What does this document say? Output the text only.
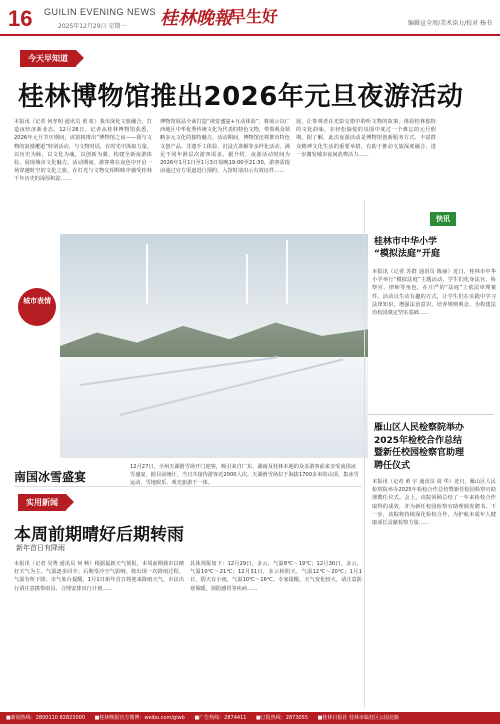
16 GUILIN EVENING NEWS
2025年12月29日 星期一 桂林晚報
早生好	编辑宣全周/美术读力/校对 杨书
今天早知道
桂林博物馆推出2026年元旦夜游活动
本报讯（记者 何孝明 通讯员 黄 虹）我市深化文旅融合，打造夜经济新业态。12月28日，记者从桂林博物馆获悉，2026年元旦节庆期间，该馆将推出“博物馆之夜——我与文物的浪漫邂逅”特别活动，与文物对话，在时光中汲取力量。以历史为脉，以文化为魂，以创新为翼，构建全新夜游体验，展现城市文化魅力。活动期间，游客将在夜色中开启一场穿越时空的文化之旅，在灯光与文物交相辉映中感受桂林千年历史的深厚积淀……
博物馆展品全面打造“视觉盛宴+互动体验”，将展示以广西地区中华优秀传统文化为代表的特色文物，带领观众领略多元文化的独特魅力。活动期间，博物馆还将推出特色文创产品、非遗手工体验、沉浸式讲解等多样化活动，满足不同年龄层次游客需求。据介绍，夜游活动时间为2026年1月1日至1月3日每晚19:00至21:30，游客需提前通过官方渠道进行预约，入馆时请出示有效证件……
展，让参观者在光影交错中聆听文物的故事，体验桂林独特的文化韵味，在轻松愉悦的氛围中度过一个难忘的元旦假期。据了解，此次夜游活动是博物馆创新服务方式、丰富群众精神文化生活的重要举措，有助于推动文旅深度融合，进一步激发城市夜间消费活力……
城市表情
南国冰雪盛宴
12月27日，全州天湖滑雪场开门迎客，吸引来自广东、湖南及桂林本地的众多游客前来享受南国冰雪盛宴。据目前统计，当日共接待游客近2000人次。天湖滑雪场位于海拔1700多米的山顶，集冰雪运动、雪地娱乐、观光旅游于一体。
实用新闻
本周前期晴好后期转雨
新年首日有降雨
本报讯（记者 吴秀 通讯员 何 畅）根据最新天气预报，本周前期我市以晴好天气为主，气温逐步回升；后期受冷空气影响，将出现一次降雨过程，气温有所下降。市气象台提醒，1月1日新年首日将迎来降雨天气，市民出行请注意携带雨具，合理安排出行计划……
具体预报如下：12月29日，多云，气温8℃～19℃；12月30日，多云，气温10℃～21℃；12月31日，多云转阴天，气温12℃～20℃；1月1日，阴天有小雨，气温10℃～16℃。专家提醒，天气变化较大，请注意防寒保暖，预防感冒等疾病……
快讯
桂林市中华小学
“模拟法庭”开庭
本报讯（记者 苏群 通讯员 陈丽）近日，桂林市中华小学举行“模拟法庭”主题活动，学生们化身法官、检察官、律师等角色，在庄严的“法庭”上依法审理案件。活动以生动有趣的方式，让学生们在实践中学习法律知识，增强法治意识，培养规则观念，为构建法治校园奠定坚实基础……
雁山区人民检察院举办
2025年检校合作总结
暨新任校园检察官助理
聘任仪式
本报讯（记者 黄 宇 通讯员 周 华）近日，雁山区人民检察院举办2025年检校合作总结暨新任校园检察官助理聘任仪式。会上，该院回顾总结了一年来检校合作取得的成效，并为新任校园检察官助理颁发聘书。下一步，该院将持续深化检校合作，为护航未成年人健康成长贡献检察力量……
■新闻热线：2800110 82823000 ■桂林晚报官方微博：weibo.com/glwb ■广告热线：2874411 ■订报热线：2873055 ■桂林日报社 桂林市临桂区公园北路
